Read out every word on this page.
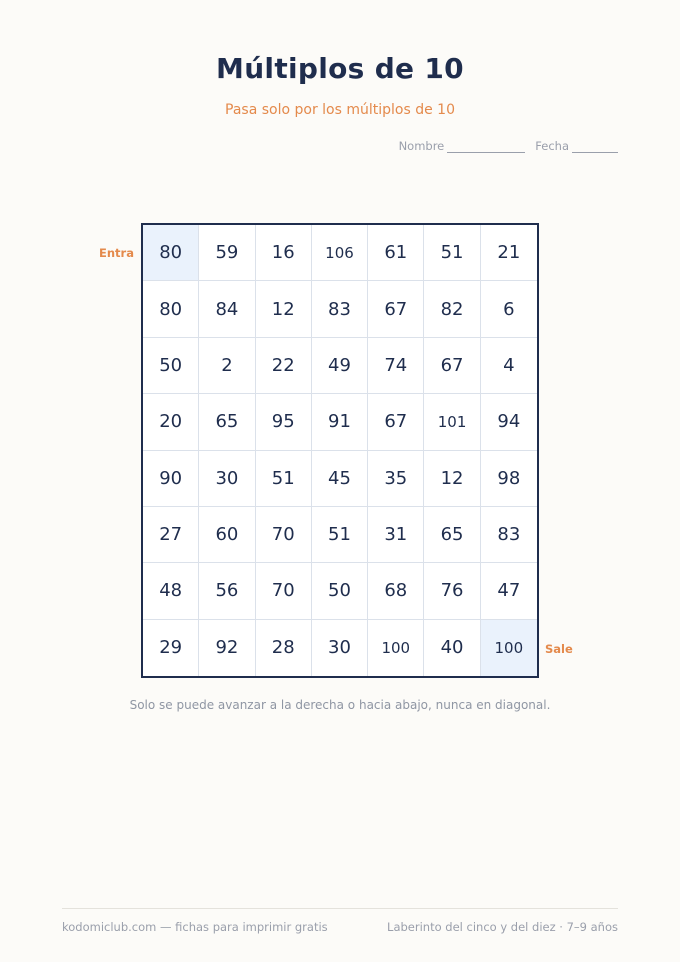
Múltiplos de 10
Pasa solo por los múltiplos de 10
Nombre	Fecha
Entra	80	59	16	106	61	51	21
80	84	12	83	67	82	6
50	2	22	49	74	67	4
20	65	95	91	67	101	94
90	30	51	45	35	12	98
27	60	70	51	31	65	83
48	56	70	50	68	76	47
29	92	28	30	100	40	100	Sale
Solo se puede avanzar a la derecha o hacia abajo, nunca en diagonal.
kodomiclub.com — fichas para imprimir gratis	Laberinto del cinco y del diez · 7–9 años
